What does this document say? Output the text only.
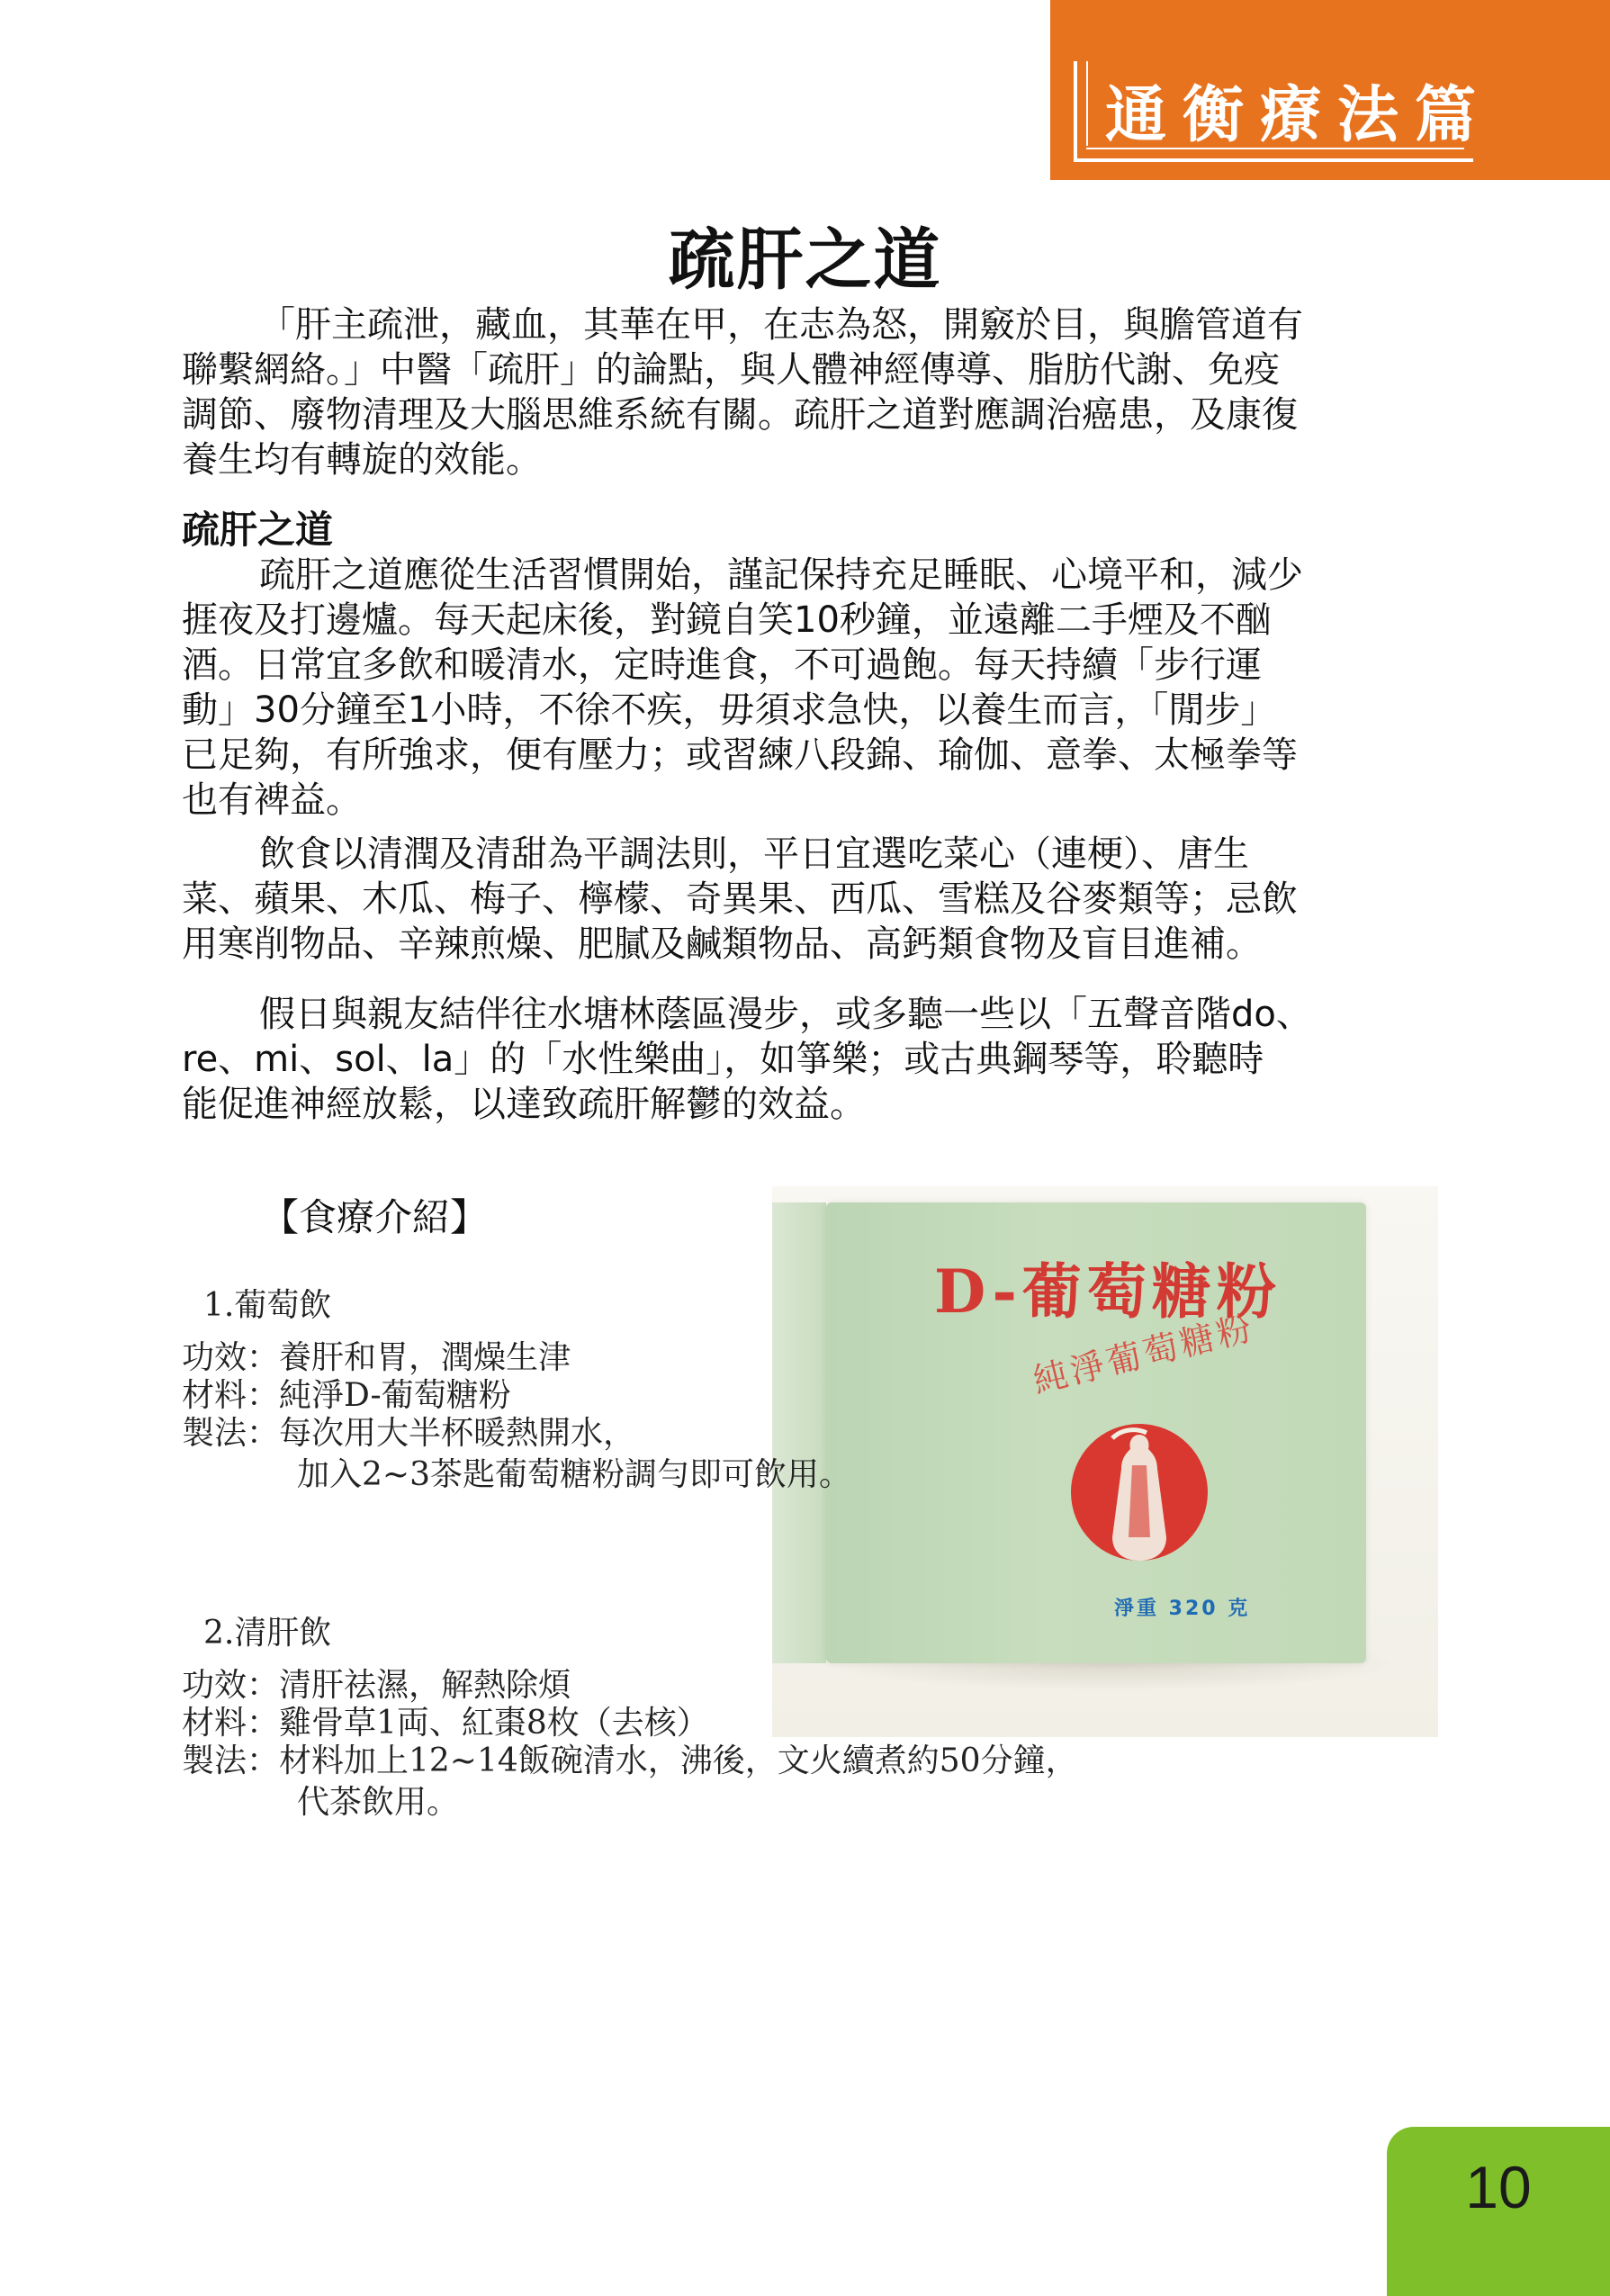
通衡療法篇
疏肝之道
「肝主疏泄，藏血，其華在甲，在志為怒，開竅於目，與膽管道有
聯繫網絡。」中醫「疏肝」的論點，與人體神經傳導、脂肪代謝、免疫
調節、廢物清理及大腦思維系統有關。疏肝之道對應調治癌患，及康復
養生均有轉旋的效能。
疏肝之道
疏肝之道應從生活習慣開始，謹記保持充足睡眠、心境平和，減少
捱夜及打邊爐。每天起床後，對鏡自笑10秒鐘，並遠離二手煙及不酗
酒。日常宜多飲和暖清水，定時進食，不可過飽。每天持續「步行運
動」30分鐘至1小時，不徐不疾，毋須求急快，以養生而言，「閒步」
已足夠，有所強求，便有壓力；或習練八段錦、瑜伽、意拳、太極拳等
也有裨益。
飲食以清潤及清甜為平調法則，平日宜選吃菜心（連梗）、唐生
菜、蘋果、木瓜、梅子、檸檬、奇異果、西瓜、雪糕及谷麥類等；忌飲
用寒削物品、辛辣煎燥、肥膩及鹹類物品、高鈣類食物及盲目進補。
假日與親友結伴往水塘林蔭區漫步，或多聽一些以「五聲音階do、
re、mi、sol、la」的「水性樂曲」，如箏樂；或古典鋼琴等，聆聽時
能促進神經放鬆，以達致疏肝解鬱的效益。
D-葡萄糖粉
純淨葡萄糖粉
淨重 320 克
【食療介紹】
1.葡萄飲
功效：養肝和胃，潤燥生津
材料：純淨D-葡萄糖粉
製法：每次用大半杯暖熱開水，
加入2~3茶匙葡萄糖粉調勻即可飲用。
2.清肝飲
功效：清肝祛濕，解熱除煩
材料：雞骨草1両、紅棗8枚（去核）
製法：材料加上12~14飯碗清水，沸後，文火續煮約50分鐘，
代茶飲用。
10
